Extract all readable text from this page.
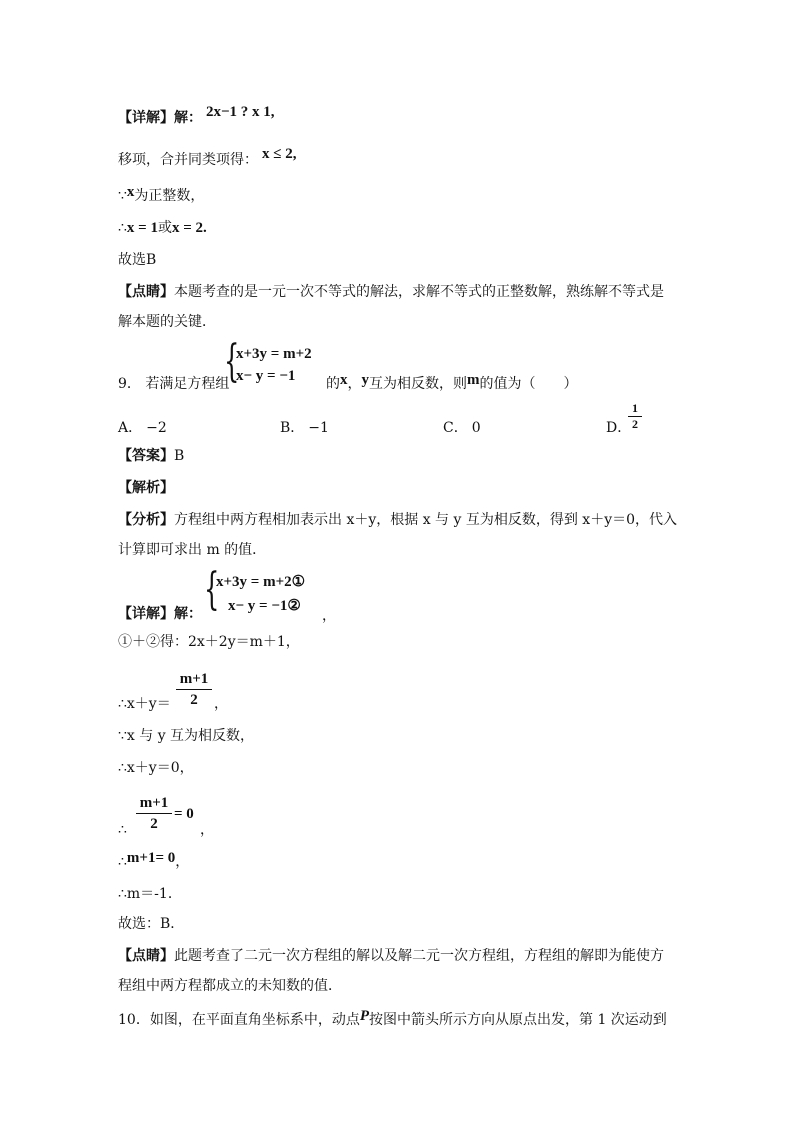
【详解】解： 2x−1 ? x 1,
移项，合并同类项得： x ≤ 2,
∵x为正整数，
∴x = 1或x = 2.
故选B
【点睛】本题考查的是一元一次不等式的解法，求解不等式的正整数解，熟练解不等式是
解本题的关键．
{
x+3y = m+2
x− y = −1
9． 若满足方程组	的x，y互为相反数，则m的值为（　　）
A． −2	B． −1	C． 0	D．
1
2
【答案】B
【解析】
【分析】方程组中两方程相加表示出 x＋y，根据 x 与 y 互为相反数，得到 x＋y＝0，代入
计算即可求出 m 的值．
{
x+3y = m+2①
x− y = −1②
【详解】解：	，
①＋②得：2x＋2y＝m＋1，
∴x＋y＝
m+1
2	，
∵x 与 y 互为相反数，
∴x＋y＝0，
∴
m+1
2
= 0
，
∴m+1= 0，
∴m＝-1．
故选：B．
【点睛】此题考查了二元一次方程组的解以及解二元一次方程组，方程组的解即为能使方
程组中两方程都成立的未知数的值．
10．如图，在平面直角坐标系中，动点P按图中箭头所示方向从原点出发，第 1 次运动到
